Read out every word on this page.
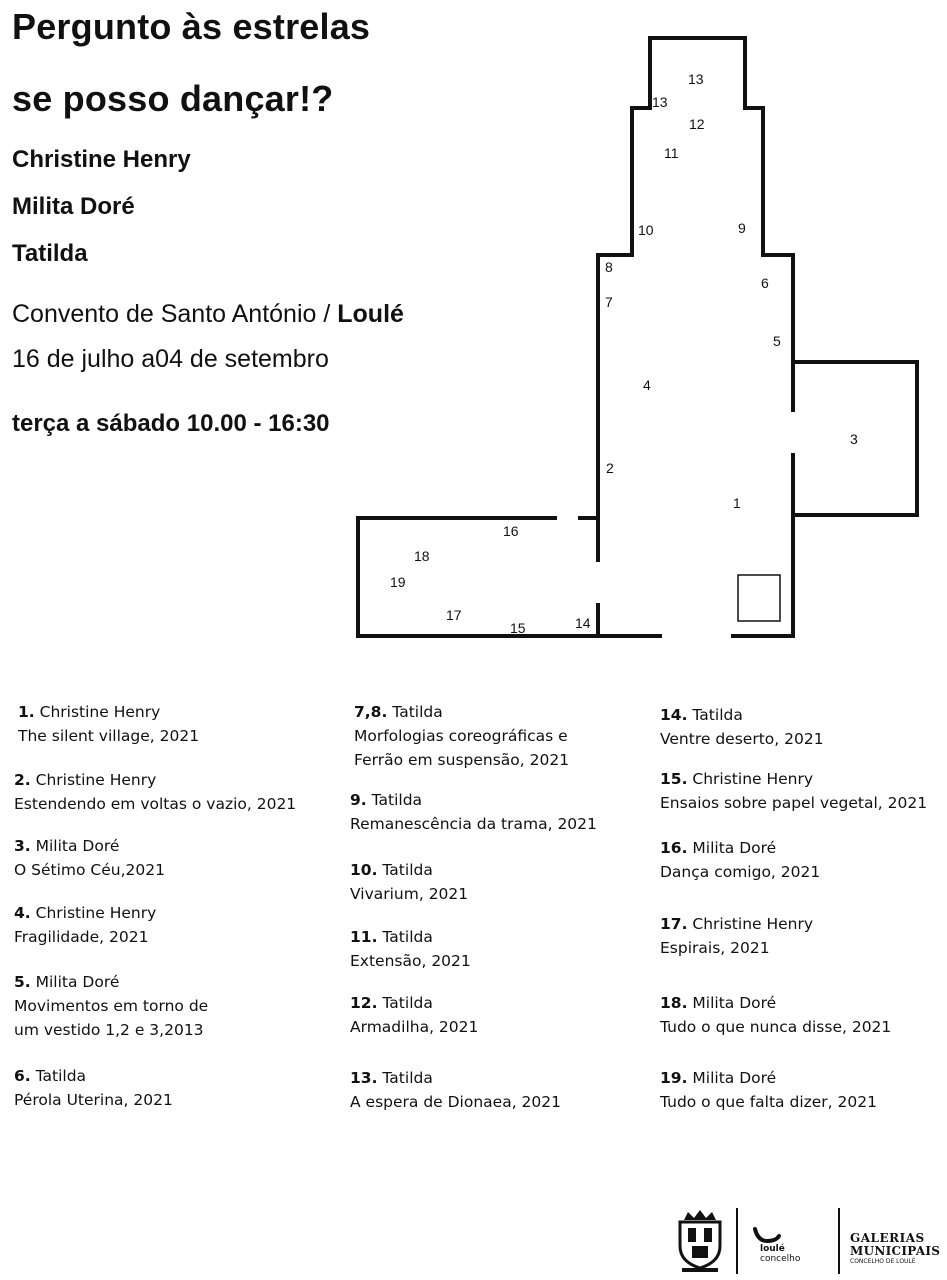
Pergunto às estrelas
se posso dançar!?
Christine Henry
Milita Doré
Tatilda
Convento de Santo António / Loulé
16 de julho a04 de setembro
terça a sábado 10.00 - 16:30
13
13
12
11
10	9
8
6
7
5
4
3
2
1
16
18
19
17
15	14
1. Christine Henry
The silent village, 2021
2. Christine Henry
Estendendo em voltas o vazio, 2021
3. Milita Doré
O Sétimo Céu,2021
4. Christine Henry
Fragilidade, 2021
5. Milita Doré
Movimentos em torno de
um vestido 1,2 e 3,2013
6. Tatilda
Pérola Uterina, 2021
7,8. Tatilda
Morfologias coreográficas e
Ferrão em suspensão, 2021
9. Tatilda
Remanescência da trama, 2021
10. Tatilda
Vivarium, 2021
11. Tatilda
Extensão, 2021
12. Tatilda
Armadilha, 2021
13. Tatilda
A espera de Dionaea, 2021
14. Tatilda
Ventre deserto, 2021
15. Christine Henry
Ensaios sobre papel vegetal, 2021
16. Milita Doré
Dança comigo, 2021
17. Christine Henry
Espirais, 2021
18. Milita Doré
Tudo o que nunca disse, 2021
19. Milita Doré
Tudo o que falta dizer, 2021
loulé
concelho
GALERIAS
MUNICIPAIS
CONCELHO DE LOULÉ
